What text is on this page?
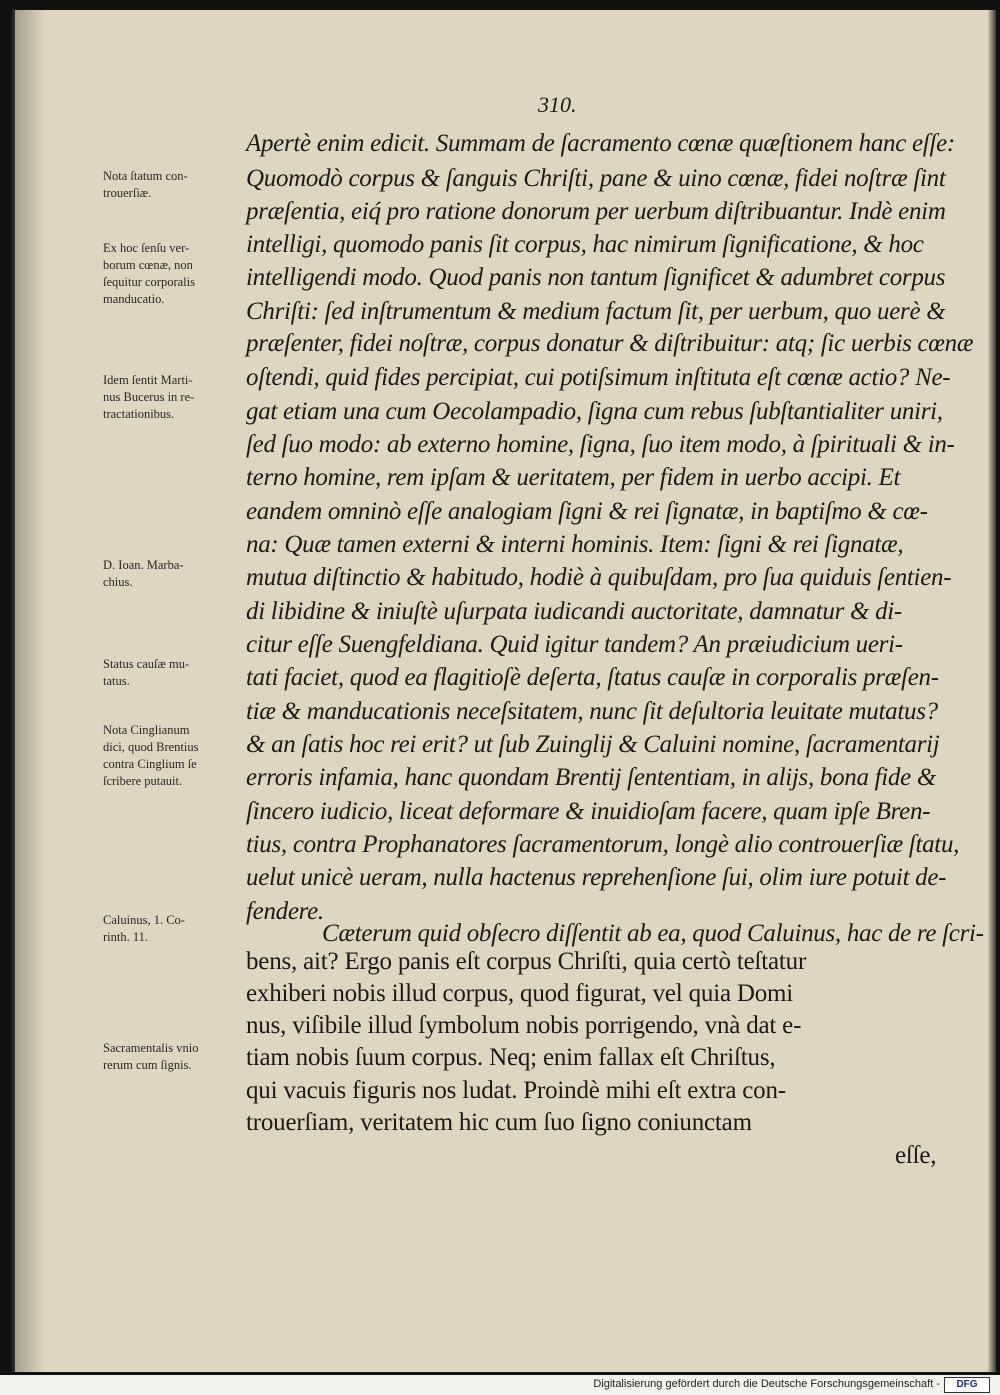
310.
Apertè enim edicit. Summam de ſacramento cœnæ quæſtionem hanc eſſe:
Quomodò corpus & ſanguis Chriſti, pane & uino cœnæ, fidei noſtræ ſint
præſentia, eiq́ pro ratione donorum per uerbum diſtribuantur. Indè enim
intelligi, quomodo panis ſit corpus, hac nimirum ſignificatione, & hoc
intelligendi modo. Quod panis non tantum ſignificet & adumbret corpus
Chriſti: ſed inſtrumentum & medium factum ſit, per uerbum, quo uerè &
præſenter, fidei noſtræ, corpus donatur & diſtribuitur: atq; ſic uerbis cœnæ
oſtendi, quid fides percipiat, cui potiſsimum inſtituta eſt cœnæ actio? Ne-
gat etiam una cum Oecolampadio, ſigna cum rebus ſubſtantialiter uniri,
ſed ſuo modo: ab externo homine, ſigna, ſuo item modo, à ſpirituali & in-
terno homine, rem ipſam & ueritatem, per fidem in uerbo accipi. Et
eandem omninò eſſe analogiam ſigni & rei ſignatæ, in baptiſmo & cœ-
na: Quæ tamen externi & interni hominis. Item: ſigni & rei ſignatæ,
mutua diſtinctio & habitudo, hodiè à quibuſdam, pro ſua quiduis ſentien-
di libidine & iniuſtè uſurpata iudicandi auctoritate, damnatur & di-
citur eſſe Suengfeldiana. Quid igitur tandem? An præiudicium ueri-
tati faciet, quod ea flagitioſè deſerta, ſtatus cauſæ in corporalis præſen-
tiæ & manducationis neceſsitatem, nunc ſit deſultoria leuitate mutatus?
& an ſatis hoc rei erit? ut ſub Zuinglij & Caluini nomine, ſacramentarij
erroris infamia, hanc quondam Brentij ſententiam, in alijs, bona fide &
ſincero iudicio, liceat deformare & inuidioſam facere, quam ipſe Bren-
tius, contra Prophanatores ſacramentorum, longè alio controuerſiæ ſtatu,
uelut unicè ueram, nulla hactenus reprehenſione ſui, olim iure potuit de-
fendere.
Cæterum quid obſecro diſſentit ab ea, quod Caluinus, hac de re ſcri-
bens, ait? Ergo panis eſt corpus Chriſti, quia certò teſtatur
exhiberi nobis illud corpus, quod figurat, vel quia Domi
nus, viſibile illud ſymbolum nobis porrigendo, vnà dat e-
tiam nobis ſuum corpus. Neq; enim fallax eſt Chriſtus,
qui vacuis figuris nos ludat. Proindè mihi eſt extra con-
trouerſiam, veritatem hic cum ſuo ſigno coniunctam
eſſe,
Nota ſtatum con-
trouerſiæ.
Ex hoc ſenſu ver-
borum cœnæ, non
ſequitur corporalis
manducatio.
Idem ſentit Marti-
nus Bucerus in re-
tractationibus.
D. Ioan. Marba-
chius.
Status cauſæ mu-
tatus.
Nota Cinglianum
dici, quod Brentius
contra Cinglium ſe
ſcribere putauit.
Caluinus, 1. Co-
rinth. 11.
Sacramentalis vnio
rerum cum ſignis.
Digitalisierung gefördert durch die Deutsche Forschungsgemeinschaft -	DFG
